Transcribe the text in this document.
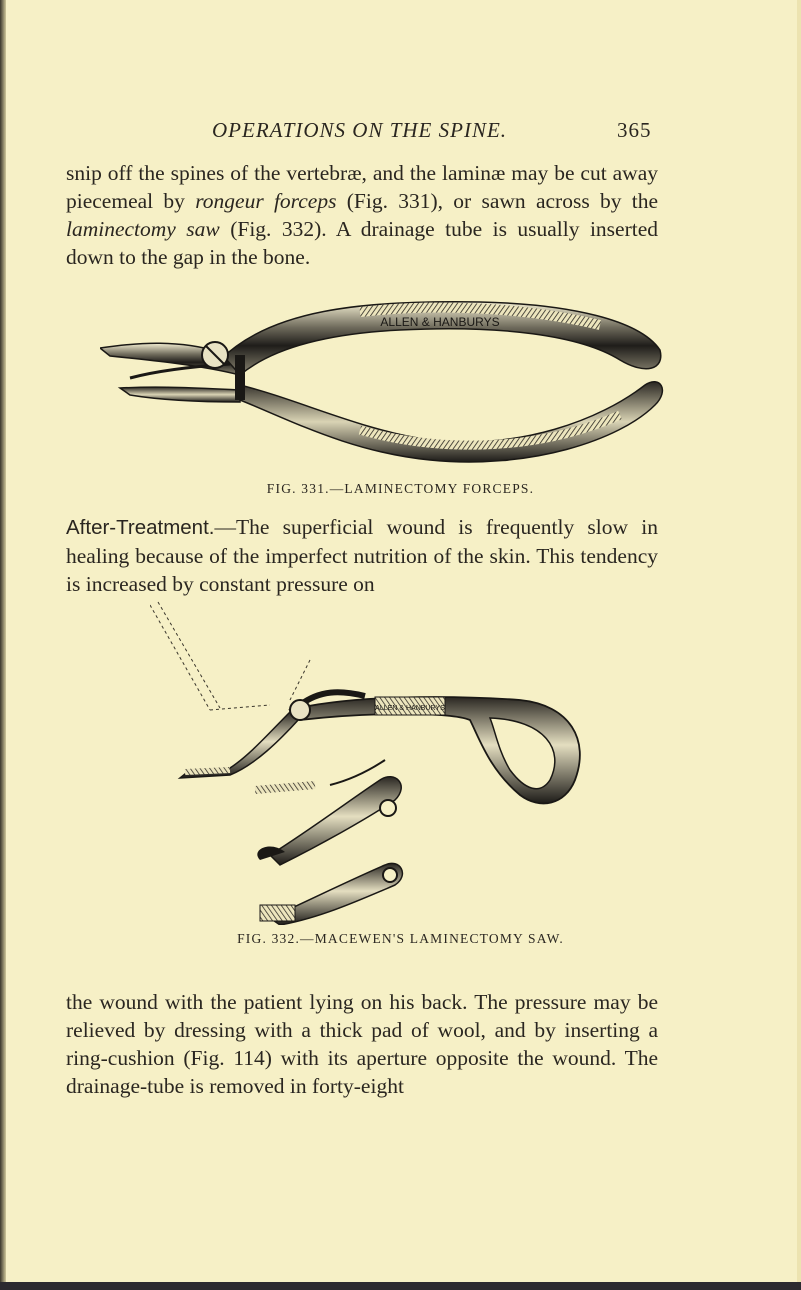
OPERATIONS ON THE SPINE.	365
snip off the spines of the vertebræ, and the laminæ may be cut away piecemeal by rongeur forceps (Fig. 331), or sawn across by the laminectomy saw (Fig. 332). A drainage tube is usually inserted down to the gap in the bone.
ALLEN & HANBURYS
FIG. 331.—LAMINECTOMY FORCEPS.
After-Treatment.—The superficial wound is frequently slow in healing because of the imperfect nutrition of the skin. This tendency is increased by constant pressure on
ALLEN & HANBURYS
FIG. 332.—MACEWEN'S LAMINECTOMY SAW.
the wound with the patient lying on his back. The pressure may be relieved by dressing with a thick pad of wool, and by inserting a ring-cushion (Fig. 114) with its aperture opposite the wound. The drainage-tube is removed in forty-eight
